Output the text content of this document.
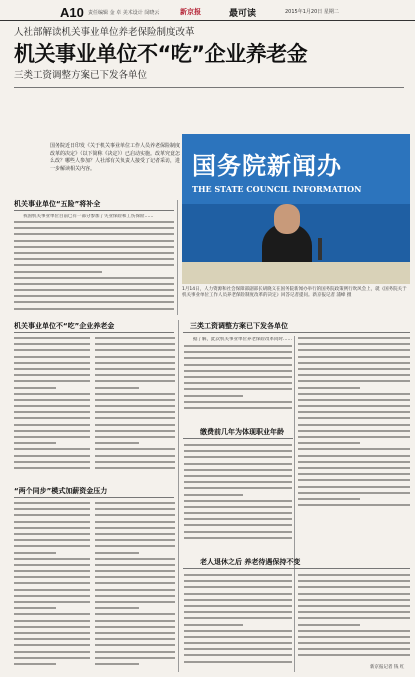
A10 责任编辑 金 卓 美术设计 闵晓云	新京报	最可读	2015年1月20日 星期二
人社部解读机关事业单位养老保险制度改革
机关事业单位不“吃”企业养老金
三类工资调整方案已下发各单位
国务院近日印发《关于机关事业单位工作人员养老保险制度改革的决定》（以下简称《决定》）已启动实施。改革究竟怎么改？哪些人参加？人社部有关负责人接受了记者采访，进一步解读相关内容。	国务院新闻办
THE STATE COUNCIL INFORMATION
1月14日，人力资源和社会保障部副部长胡晓义在国务院新闻办举行的国务院政策例行吹风会上，就《国务院关于机关事业单位工作人员养老保险制度改革的决定》回答记者提问。新京报记者 浦峰 摄
机关事业单位“五险”将补全

我国机关事业单位目前已有一部分参加了失业保险和工伤保险……

机关事业单位不“吃”企业养老金
“两个同步”模式加薪资金压力
三类工资调整方案已下发各单位

据了解，此次机关事业单位养老保险改革同时……

缴费前几年为体现职业年龄
老人退休之后 养老待遇保持不变
新京报记者 钱 红
